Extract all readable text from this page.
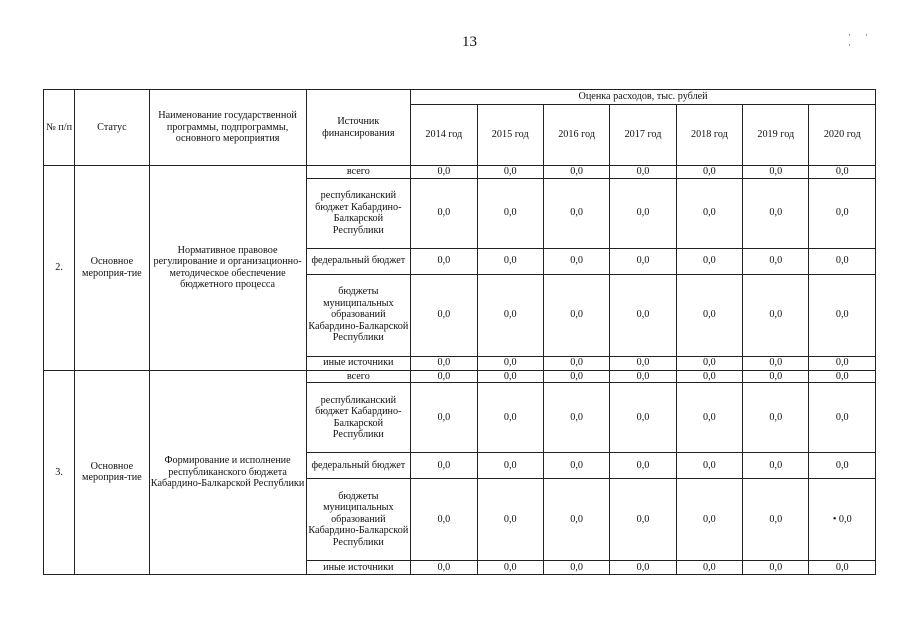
13	·· ·
№ п/п	Статус	Наименование государственной программы, подпрограммы, основного мероприятия	Источник финансирования	Оценка расходов, тыс. рублей						
				2014 год	2015 год	2016 год	2017 год	2018 год	2019 год	2020 год
2.	Основное мероприя-тие	Нормативное правовое регулирование и организационно-методическое обеспечение бюджетного процесса	всего	0,0	0,0	0,0	0,0	0,0	0,0	0,0
			республиканский бюджет Кабардино-Балкарской Республики	0,0	0,0	0,0	0,0	0,0	0,0	0,0
			федеральный бюджет	0,0	0,0	0,0	0,0	0,0	0,0	0,0
			бюджеты муниципальных образований Кабардино-Балкарской Республики	0,0	0,0	0,0	0,0	0,0	0,0	0,0
			иные источники	0,0	0,0	0,0	0,0	0,0	0,0	0,0
3.	Основное мероприя-тие	Формирование и исполнение республиканского бюджета Кабардино-Балкарской Республики	всего	0,0	0,0	0,0	0,0	0,0	0,0	0,0
			республиканский бюджет Кабардино-Балкарской Республики	0,0	0,0	0,0	0,0	0,0	0,0	0,0
			федеральный бюджет	0,0	0,0	0,0	0,0	0,0	0,0	0,0
			бюджеты муниципальных образований Кабардино-Балкарской Республики	0,0	0,0	0,0	0,0	0,0	0,0	• 0,0
			иные источники	0,0	0,0	0,0	0,0	0,0	0,0	0,0
